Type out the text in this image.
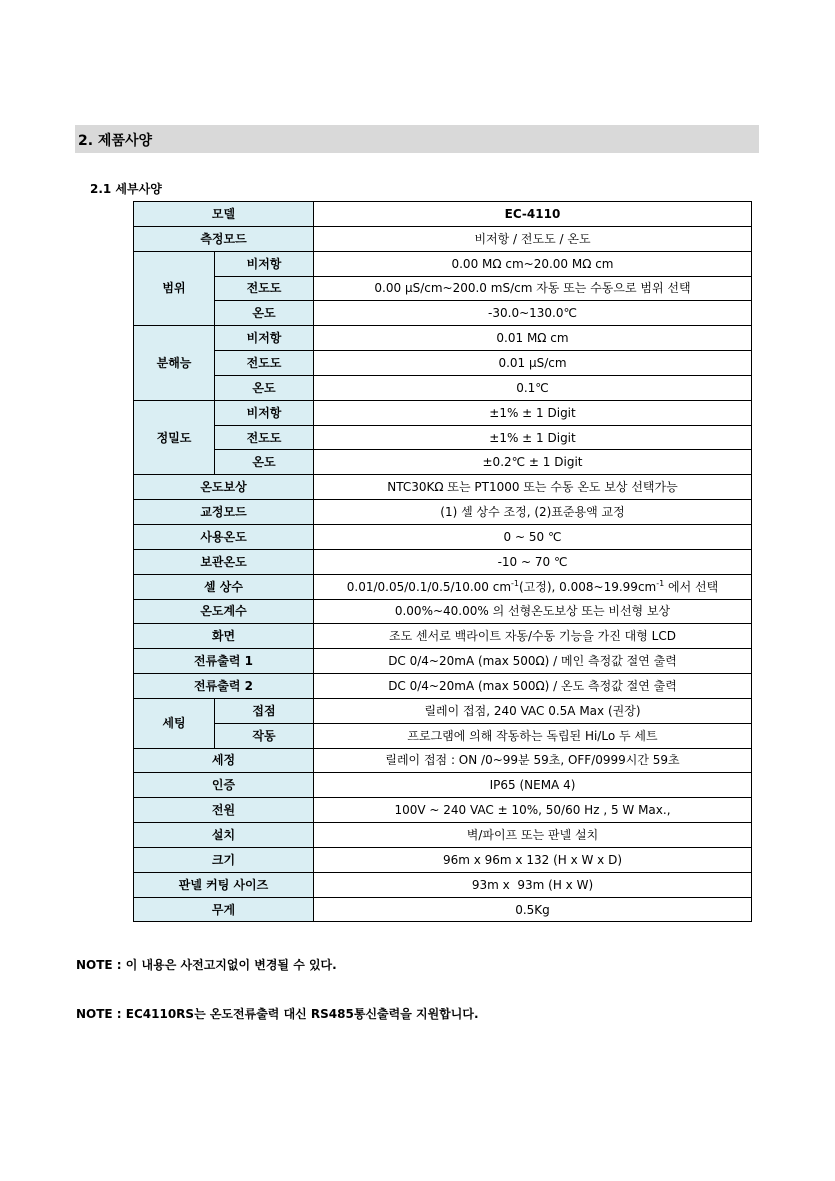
2. 제품사양
2.1 세부사양
모델		EC-4110
측정모드		비저항 / 전도도 / 온도
범위	비저항	0.00 MΩ cm~20.00 MΩ cm
	전도도	0.00 μS/cm~200.0 mS/cm 자동 또는 수동으로 범위 선택
	온도	-30.0~130.0℃
분해능	비저항	0.01 MΩ cm
	전도도	0.01 μS/cm
	온도	0.1℃
정밀도	비저항	±1% ± 1 Digit
	전도도	±1% ± 1 Digit
	온도	±0.2℃ ± 1 Digit
온도보상		NTC30KΩ 또는 PT1000 또는 수동 온도 보상 선택가능
교정모드		(1) 셀 상수 조정, (2)표준용액 교정
사용온도		0 ~ 50 ℃
보관온도		-10 ~ 70 ℃
셀 상수		0.01/0.05/0.1/0.5/10.00 $cm^{-1}$(고정), $0.008\sim 19.99cm^{-1}$ 에서 선택
온도계수		0.00%~40.00% 의 선형온도보상 또는 비선형 보상
화면		조도 센서로 백라이트 자동/수동 기능을 가진 대형 LCD
전류출력 1		DC 0/4~20mA (max 500Ω) / 메인 측정값 절연 출력
전류출력 2		DC 0/4~20mA (max 500Ω) / 온도 측정값 절연 출력
세팅	접점	릴레이 접점, 240 VAC 0.5A Max (권장)
	작동	프로그램에 의해 작동하는 독립된 Hi/Lo 두 세트
세정		릴레이 접점 : ON /0~99분 59초, OFF/0999시간 59초
인증		IP65 (NEMA 4)
전원		100V ~ 240 VAC ± 10%, 50/60 Hz , 5 W Max.,
설치		벽/파이프 또는 판넬 설치
크기		96m x 96m x 132 (H x W x D)
판넬 커팅 사이즈		93m x  93m (H x W)
무게		0.5Kg
NOTE : 이 내용은 사전고지없이 변경될 수 있다.
NOTE : EC4110RS는 온도전류출력 대신 RS485통신출력을 지원합니다.
